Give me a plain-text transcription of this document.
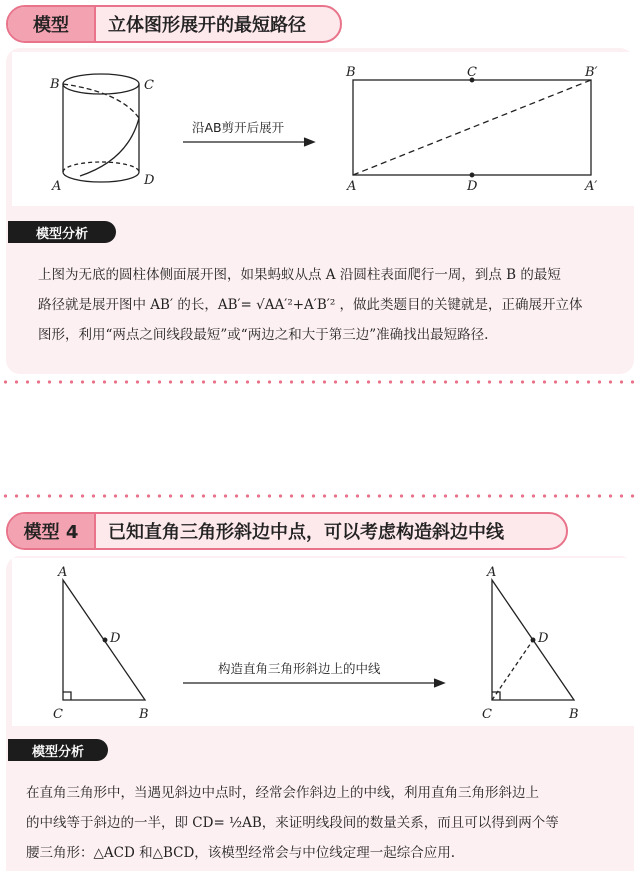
模型	立体图形展开的最短路径
B	C
A	D
沿AB剪开后展开
B	C	B′
A	D	A′
模型分析
上图为无底的圆柱体侧面展开图，如果蚂蚁从点 A 沿圆柱表面爬行一周，到点 B 的最短
路径就是展开图中 AB′ 的长，AB′= √AA′²+A′B′² ，做此类题目的关键就是，正确展开立体
图形，利用“两点之间线段最短”或“两边之和大于第三边”准确找出最短路径.
模型 4	已知直角三角形斜边中点，可以考虑构造斜边中线
A
D
C	B
构造直角三角形斜边上的中线
A
D
C	B
模型分析
在直角三角形中，当遇见斜边中点时，经常会作斜边上的中线，利用直角三角形斜边上
的中线等于斜边的一半，即 CD= ½AB，来证明线段间的数量关系，而且可以得到两个等
腰三角形：△ACD 和△BCD，该模型经常会与中位线定理一起综合应用.
